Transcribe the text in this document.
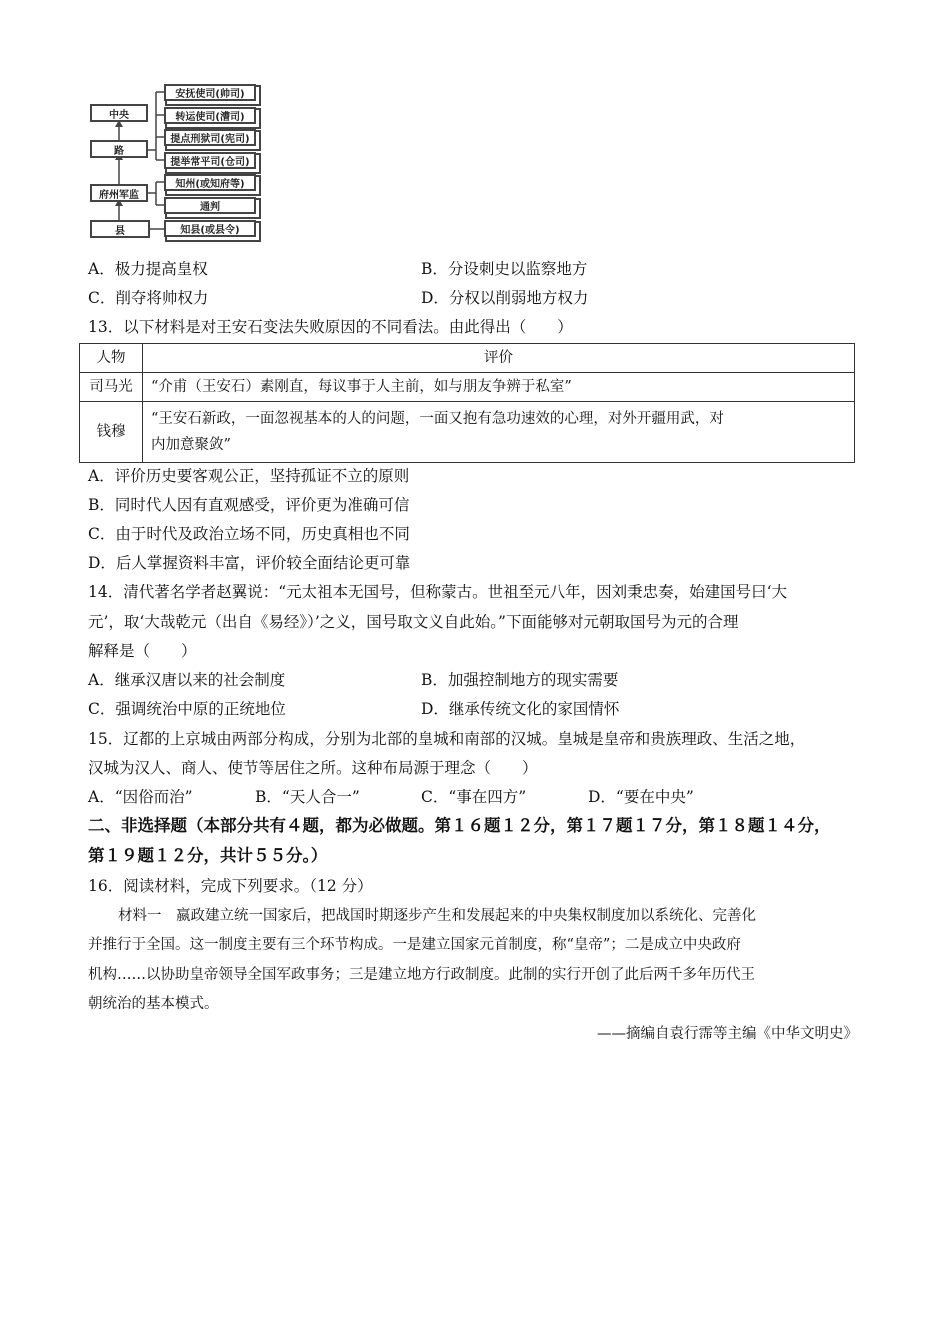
中央
路
府州军监
县
安抚使司(帅司)
转运使司(漕司)
提点刑狱司(宪司)
提举常平司(仓司)
知州(或知府等)
通判
知县(或县令)
A．极力提高皇权	B．分设刺史以监察地方
C．削夺将帅权力	D．分权以削弱地方权力
13．以下材料是对王安石变法失败原因的不同看法。由此得出（　　）
人物	评价
司马光	“介甫（王安石）素刚直，每议事于人主前，如与朋友争辨于私室”
钱穆	“王安石新政，一面忽视基本的人的问题，一面又抱有急功速效的心理，对外开疆用武，对
内加意聚敛”
A．评价历史要客观公正，坚持孤证不立的原则
B．同时代人因有直观感受，评价更为准确可信
C．由于时代及政治立场不同，历史真相也不同
D．后人掌握资料丰富，评价较全面结论更可靠
14．清代著名学者赵翼说：“元太祖本无国号，但称蒙古。世祖至元八年，因刘秉忠奏，始建国号曰‘大
元’，取‘大哉乾元（出自《易经》）’之义，国号取文义自此始。”下面能够对元朝取国号为元的合理
解释是（　　）
A．继承汉唐以来的社会制度	B．加强控制地方的现实需要
C．强调统治中原的正统地位	D．继承传统文化的家国情怀
15．辽都的上京城由两部分构成，分别为北部的皇城和南部的汉城。皇城是皇帝和贵族理政、生活之地，
汉城为汉人、商人、使节等居住之所。这种布局源于理念（　　）
A．“因俗而治”	B．“天人合一”	C．“事在四方”	D．“要在中央”
二、非选择题（本部分共有４题，都为必做题。第１６题１２分，第１７题１７分，第１８题１４分，
第１９题１２分，共计５５分。）
16．阅读材料，完成下列要求。（12 分）
材料一　嬴政建立统一国家后，把战国时期逐步产生和发展起来的中央集权制度加以系统化、完善化
并推行于全国。这一制度主要有三个环节构成。一是建立国家元首制度，称“皇帝”；二是成立中央政府
机构……以协助皇帝领导全国军政事务；三是建立地方行政制度。此制的实行开创了此后两千多年历代王
朝统治的基本模式。
——摘编自袁行霈等主编《中华文明史》
